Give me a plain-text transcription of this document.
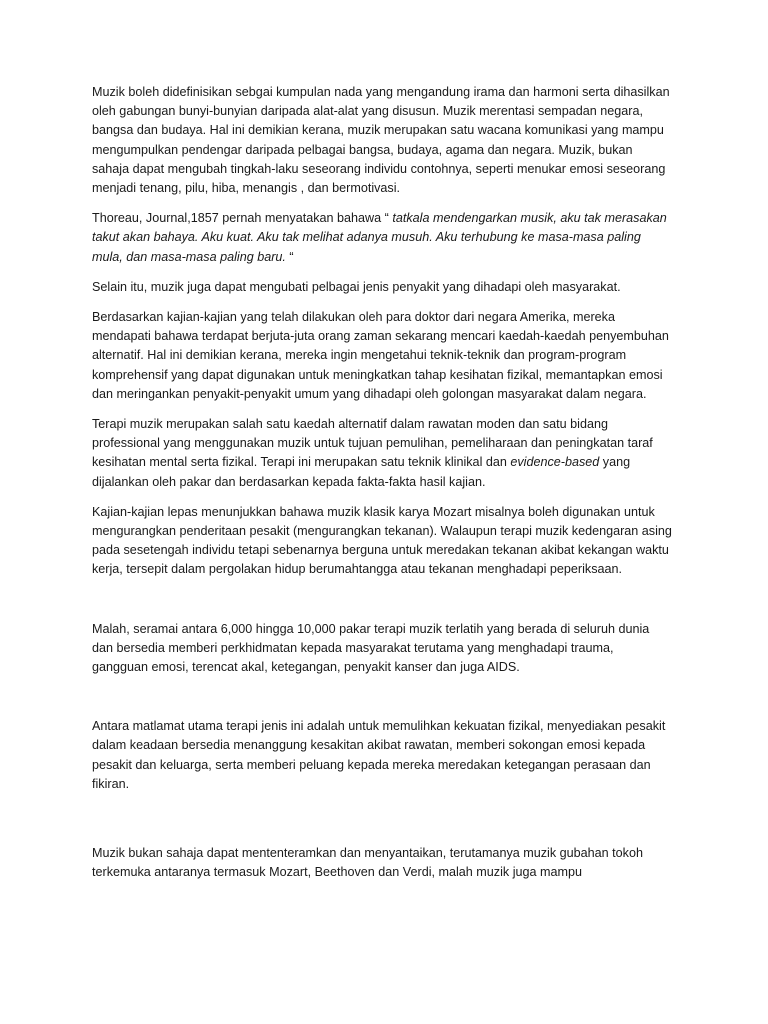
Muzik boleh didefinisikan sebgai kumpulan nada yang mengandung irama dan harmoni serta dihasilkan oleh gabungan bunyi-bunyian daripada alat-alat yang disusun. Muzik merentasi sempadan negara, bangsa dan budaya. Hal ini demikian kerana, muzik merupakan satu wacana komunikasi yang mampu mengumpulkan pendengar daripada pelbagai bangsa, budaya, agama dan negara. Muzik, bukan sahaja dapat mengubah tingkah-laku seseorang individu contohnya, seperti menukar emosi seseorang menjadi tenang, pilu, hiba, menangis , dan bermotivasi.

Thoreau, Journal,1857 pernah menyatakan bahawa “ tatkala mendengarkan musik, aku tak merasakan takut akan bahaya. Aku kuat. Aku tak melihat adanya musuh. Aku terhubung ke masa-masa paling mula, dan masa-masa paling baru. “

Selain itu, muzik juga dapat mengubati pelbagai jenis penyakit yang dihadapi oleh masyarakat.

Berdasarkan kajian-kajian yang telah dilakukan oleh para doktor dari negara Amerika, mereka mendapati bahawa terdapat berjuta-juta orang zaman sekarang mencari kaedah-kaedah penyembuhan alternatif. Hal ini demikian kerana, mereka ingin mengetahui teknik-teknik dan program-program komprehensif yang dapat digunakan untuk meningkatkan tahap kesihatan fizikal, memantapkan emosi dan meringankan penyakit-penyakit umum yang dihadapi oleh golongan masyarakat dalam negara.

Terapi muzik merupakan salah satu kaedah alternatif dalam rawatan moden dan satu bidang professional yang menggunakan muzik untuk tujuan pemulihan, pemeliharaan dan peningkatan taraf kesihatan mental serta fizikal. Terapi ini merupakan satu teknik klinikal dan evidence-based yang dijalankan oleh pakar dan berdasarkan kepada fakta-fakta hasil kajian.

Kajian-kajian lepas menunjukkan bahawa muzik klasik karya Mozart misalnya boleh digunakan untuk mengurangkan penderitaan pesakit (mengurangkan tekanan). Walaupun terapi muzik kedengaran asing pada sesetengah individu tetapi sebenarnya berguna untuk meredakan tekanan akibat kekangan waktu kerja, tersepit dalam pergolakan hidup berumahtangga atau tekanan menghadapi peperiksaan.

Malah, seramai antara 6,000 hingga 10,000 pakar terapi muzik terlatih yang berada di seluruh dunia dan bersedia memberi perkhidmatan kepada masyarakat terutama yang menghadapi trauma, gangguan emosi, terencat akal, ketegangan, penyakit kanser dan juga AIDS.

Antara matlamat utama terapi jenis ini adalah untuk memulihkan kekuatan fizikal, menyediakan pesakit dalam keadaan bersedia menanggung kesakitan akibat rawatan, memberi sokongan emosi kepada pesakit dan keluarga, serta memberi peluang kepada mereka meredakan ketegangan perasaan dan fikiran.

Muzik bukan sahaja dapat mententeramkan dan menyantaikan, terutamanya muzik gubahan tokoh terkemuka antaranya termasuk Mozart, Beethoven dan Verdi, malah muzik juga mampu
